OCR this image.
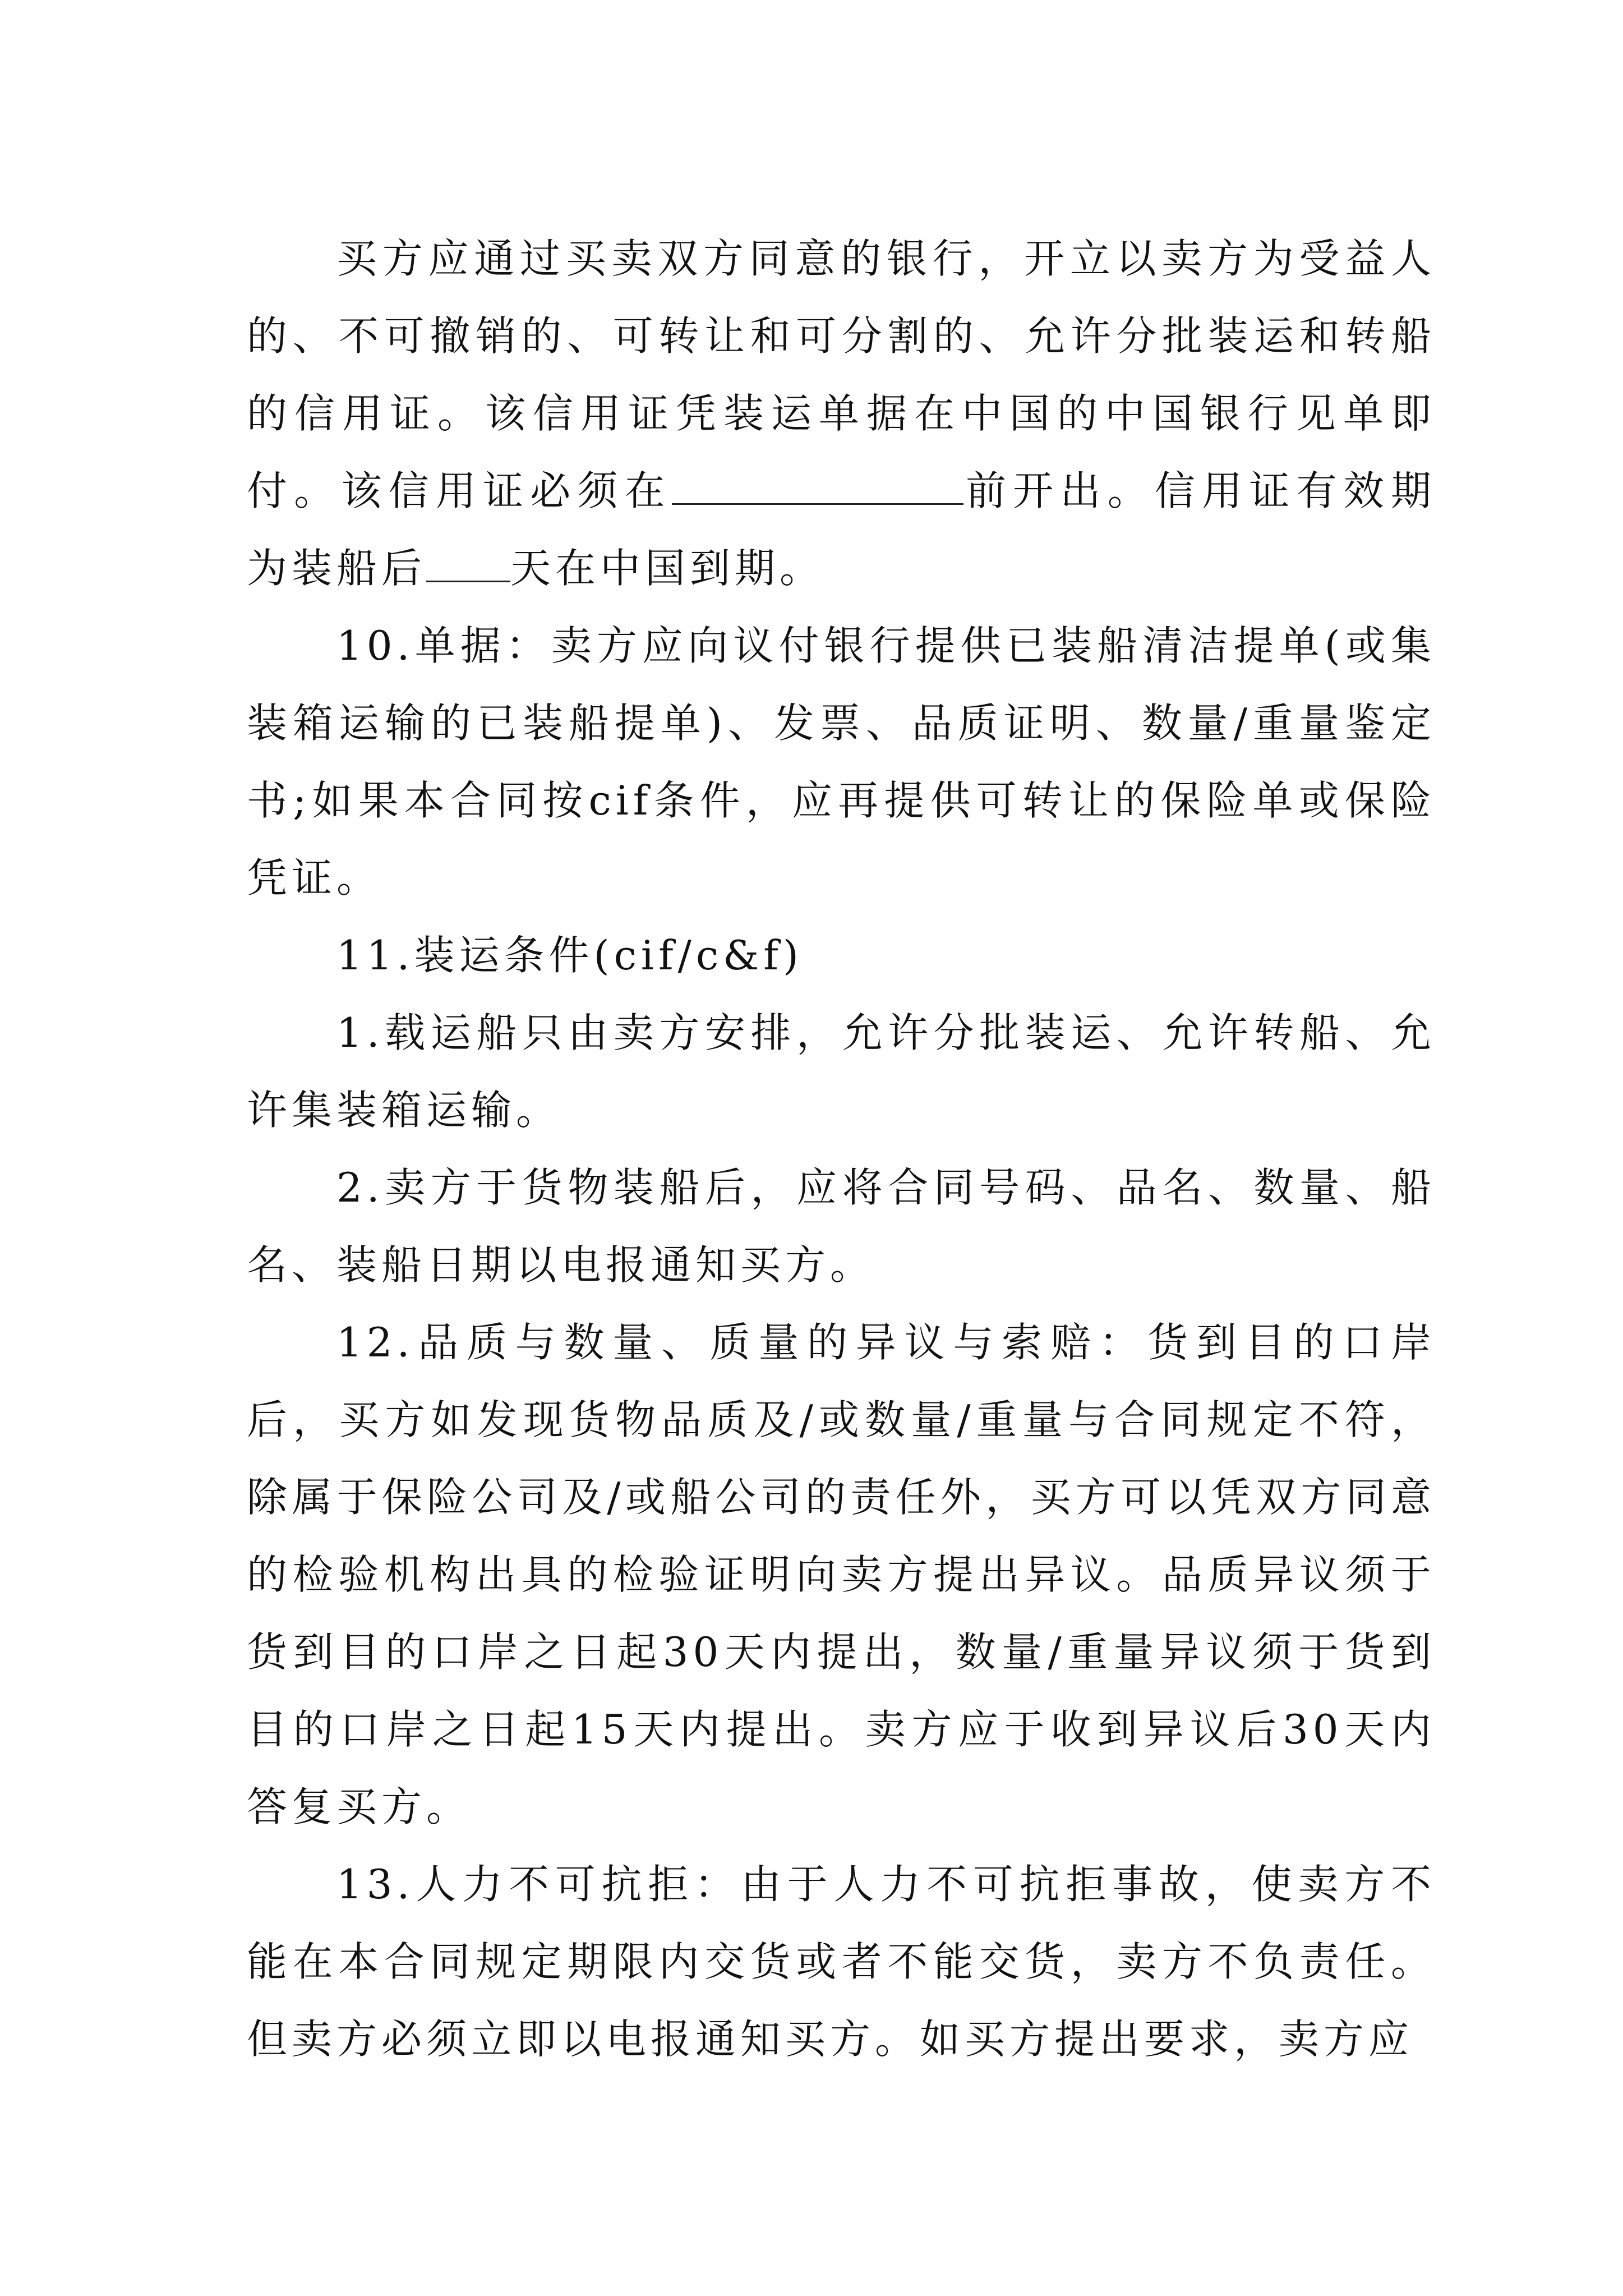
买方应通过买卖双方同意的银行，开立以卖方为受益人的、不可撤销的、可转让和可分割的、允许分批装运和转船的信用证。该信用证凭装运单据在中国的中国银行见单即付。该信用证必须在	前开出。信用证有效期为装船后 天在中国到期。

10.单据：卖方应向议付银行提供已装船清洁提单(或集装箱运输的已装船提单)、发票、品质证明、数量/重量鉴定书;如果本合同按cif条件，应再提供可转让的保险单或保险凭证。

11.装运条件(cif/c&f)

1.载运船只由卖方安排，允许分批装运、允许转船、允许集装箱运输。

2.卖方于货物装船后，应将合同号码、品名、数量、船名、装船日期以电报通知买方。

12.品质与数量、质量的异议与索赔：货到目的口岸后，买方如发现货物品质及/或数量/重量与合同规定不符，除属于保险公司及/或船公司的责任外，买方可以凭双方同意的检验机构出具的检验证明向卖方提出异议。品质异议须于货到目的口岸之日起30天内提出，数量/重量异议须于货到目的口岸之日起15天内提出。卖方应于收到异议后30天内答复买方。

13.人力不可抗拒：由于人力不可抗拒事故，使卖方不能在本合同规定期限内交货或者不能交货，卖方不负责任。但卖方必须立即以电报通知买方。如买方提出要求，卖方应
